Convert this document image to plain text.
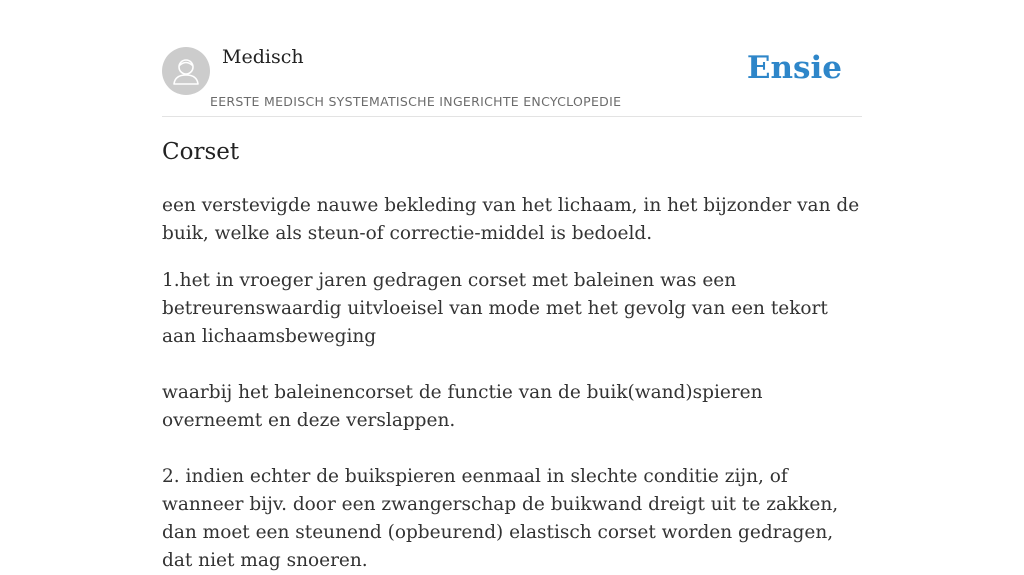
Medisch
EERSTE MEDISCH SYSTEMATISCHE INGERICHTE ENCYCLOPEDIE
Ensie
Corset

een verstevigde nauwe bekleding van het lichaam, in het bijzonder van de buik, welke als steun-of correctie-middel is bedoeld.

1.het in vroeger jaren gedragen corset met baleinen was een betreurenswaardig uitvloeisel van mode met het gevolg van een tekort aan lichaamsbeweging

waarbij het baleinencorset de functie van de buik(wand)spieren overneemt en deze verslappen.

2. indien echter de buikspieren eenmaal in slechte conditie zijn, of wanneer bijv. door een zwangerschap de buikwand dreigt uit te zakken, dan moet een steunend (opbeurend) elastisch corset worden gedragen, dat niet mag snoeren.
